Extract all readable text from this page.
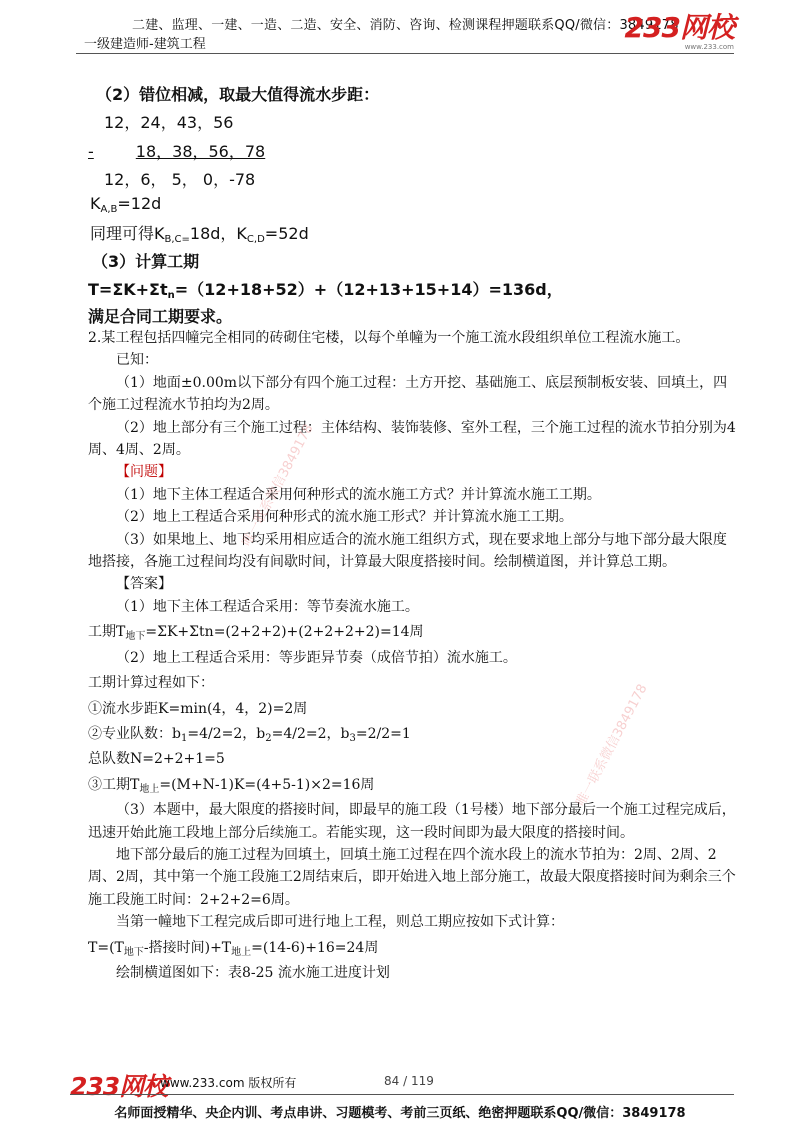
二建、监理、一建、一造、二造、安全、消防、咨询、检测课程押题联系QQ/微信：3849178
一级建造师-建筑工程
233网校
www.233.com
（2）错位相减，取最大值得流水步距：
12，24，43，56
-	18，38，56，78
12，6， 5， 0，-78
$K_{A,B}=12d$
同理可得$K_{B,C=}18d$，$K_{C,D}=52d$
（3）计算工期
$T=\Sigma K+\Sigma t_n=(12+18+52)+(12+13+15+14)=136d$，
满足合同工期要求。

2.某工程包括四幢完全相同的砖砌住宅楼，以每个单幢为一个施工流水段组织单位工程流水施工。

已知：

（1）地面±0.00m以下部分有四个施工过程：土方开挖、基础施工、底层预制板安装、回填土，四个施工过程流水节拍均为2周。

（2）地上部分有三个施工过程：主体结构、装饰装修、室外工程，三个施工过程的流水节拍分别为4周、4周、2周。

【问题】

（1）地下主体工程适合采用何种形式的流水施工方式？并计算流水施工工期。

（2）地上工程适合采用何种形式的流水施工形式？并计算流水施工工期。

（3）如果地上、地下均采用相应适合的流水施工组织方式，现在要求地上部分与地下部分最大限度地搭接，各施工过程间均没有间歇时间，计算最大限度搭接时间。绘制横道图，并计算总工期。

【答案】

（1）地下主体工程适合采用：等节奏流水施工。

工期$T_{地下}=\Sigma K+\Sigma tn=(2+2+2)+(2+2+2+2)=14$周

（2）地上工程适合采用：等步距异节奏（成倍节拍）流水施工。

工期计算过程如下：

①流水步距K=min(4，4，2)=2周

②专业队数：$b_1=4/2=2$，$b_2=4/2=2$，$b_3=2/2=1$

总队数N=2+2+1=5

③工期$T_{地上}=(M+N-1)K=(4+5-1)\times 2=16$周

（3）本题中，最大限度的搭接时间，即最早的施工段（1号楼）地下部分最后一个施工过程完成后，迅速开始此施工段地上部分后续施工。若能实现，这一段时间即为最大限度的搭接时间。

地下部分最后的施工过程为回填土，回填土施工过程在四个流水段上的流水节拍为：2周、2周、2周、2周，其中第一个施工段施工2周结束后，即开始进入地上部分施工，故最大限度搭接时间为剩余三个施工段施工时间：2+2+2=6周。

当第一幢地下工程完成后即可进行地上工程，则总工期应按如下式计算：

$T=(T_{地下}-$搭接时间)$+T_{地上}=(14-6)+16=24$周

绘制横道图如下：表8-25 流水施工进度计划

唯一联系微信3849178
唯一联系微信3849178
233网校
www.233.com 版权所有	84 / 119
名师面授精华、央企内训、考点串讲、习题模考、考前三页纸、绝密押题联系QQ/微信：3849178
